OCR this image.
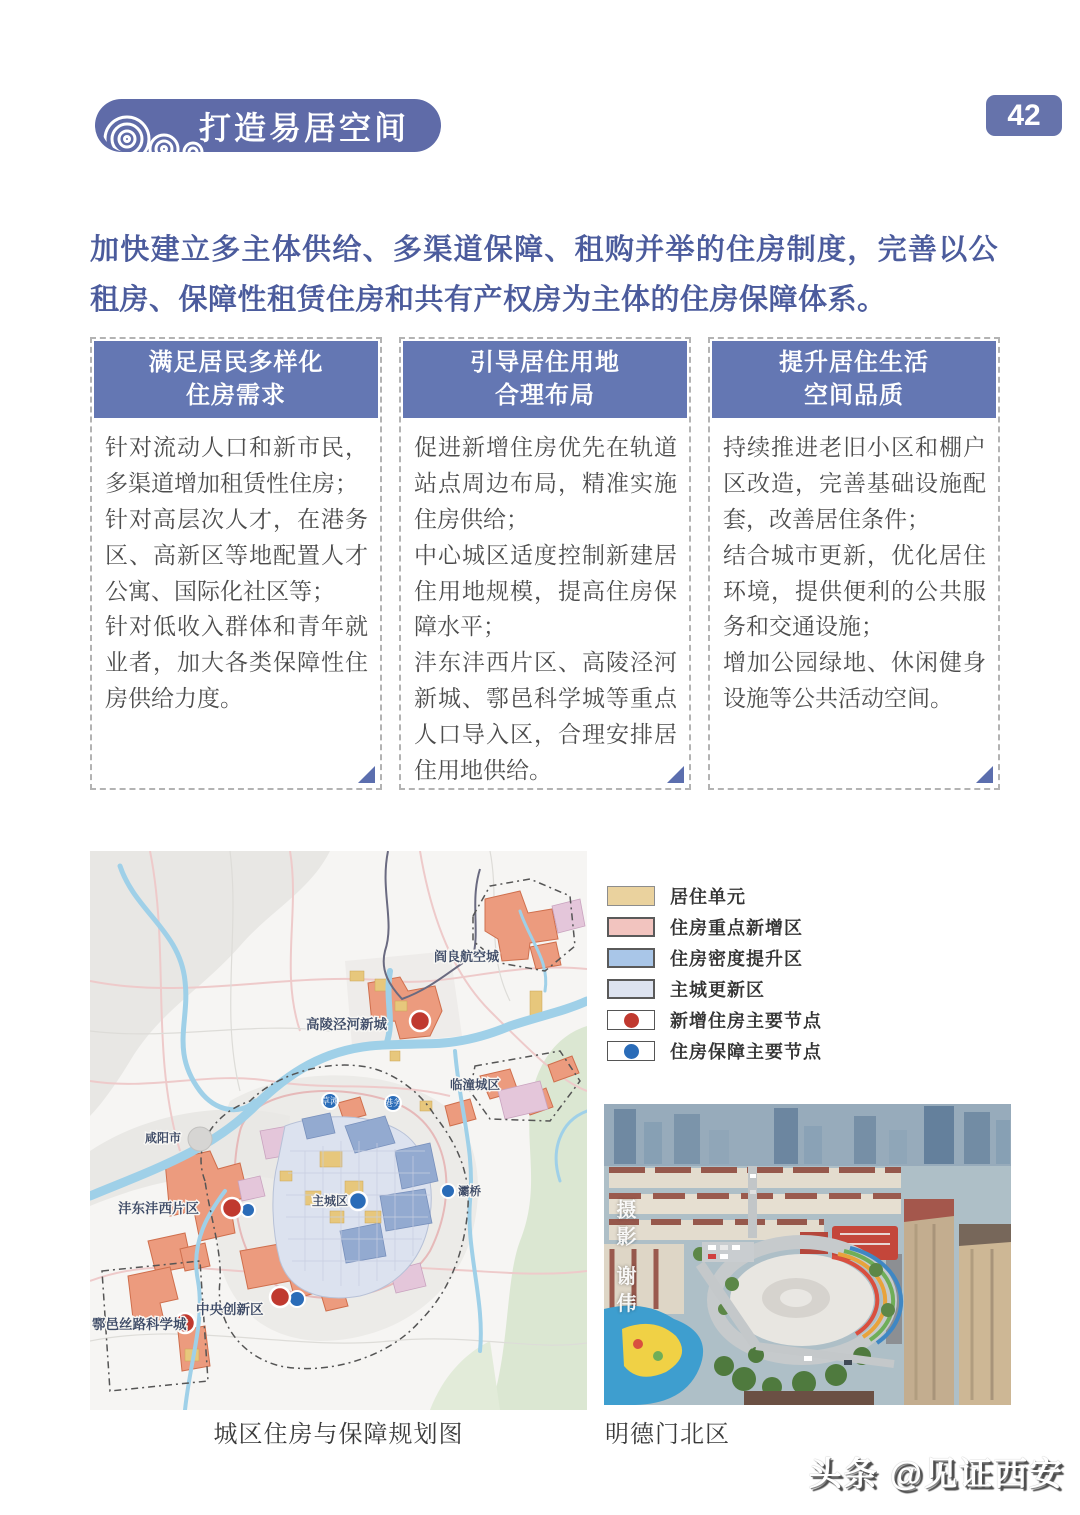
打造易居空间	42
加快建立多主体供给、多渠道保障、租购并举的住房制度，完善以公租房、保障性租赁住房和共有产权房为主体的住房保障体系。
满足居民多样化
住房需求

针对流动人口和新市民，多渠道增加租赁性住房；

针对高层次人才，在港务区、高新区等地配置人才公寓、国际化社区等；

针对低收入群体和青年就业者，加大各类保障性住房供给力度。

引导居住用地
合理布局

促进新增住房优先在轨道站点周边布局，精准实施住房供给；

中心城区适度控制新建居住用地规模，提高住房保障水平；

沣东沣西片区、高陵泾河新城、鄠邑科学城等重点人口导入区，合理安排居住用地供给。

提升居住生活
空间品质

持续推进老旧小区和棚户区改造，完善基础设施配套，改善居住条件；

结合城市更新，优化居住环境，提供便利的公共服务和交通设施；

增加公园绿地、休闲健身设施等公共活动空间。

阎良航空城
高陵泾河新城
临潼城区
咸阳市
沣东沣西片区	主城区
中央创新区
鄠邑丝路科学城
灞桥
草滩	港务
居住单元
住房重点新增区
住房密度提升区
主城更新区
新增住房主要节点
住房保障主要节点
摄影 谢伟
城区住房与保障规划图	明德门北区
头条 @见证西安
